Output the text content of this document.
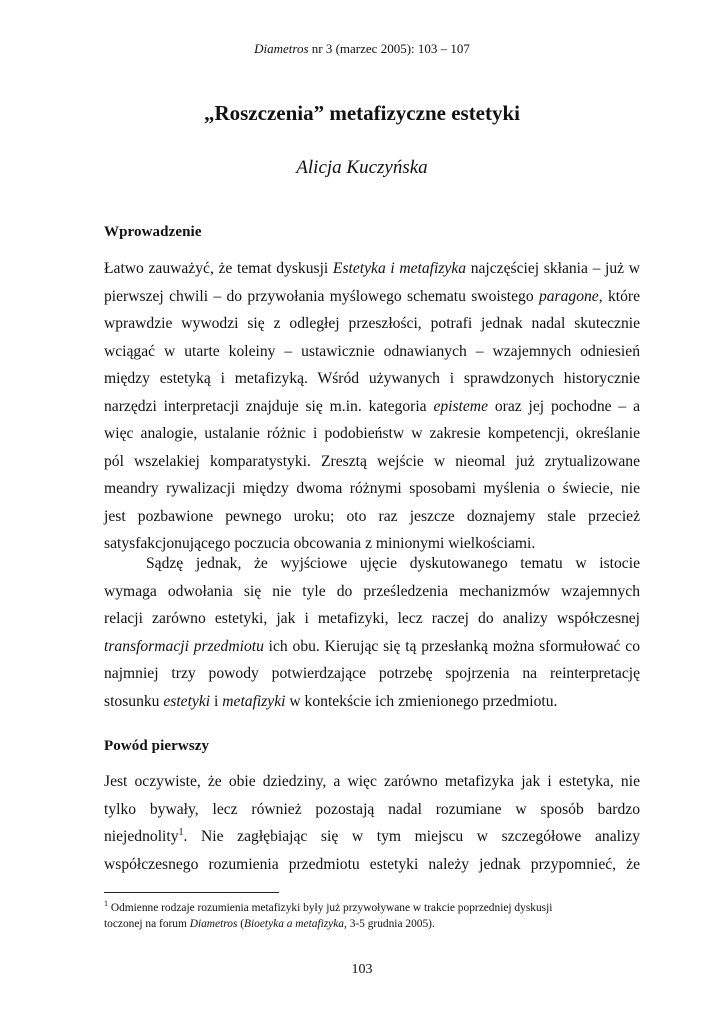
Diametros nr 3 (marzec 2005): 103 – 107
„Roszczenia” metafizyczne estetyki
Alicja Kuczyńska
Wprowadzenie
Łatwo zauważyć, że temat dyskusji Estetyka i metafizyka najczęściej skłania – już w
pierwszej chwili – do przywołania myślowego schematu swoistego paragone, które
wprawdzie wywodzi się z odległej przeszłości, potrafi jednak nadal skutecznie
wciągać w utarte koleiny – ustawicznie odnawianych – wzajemnych odniesień
między estetyką i metafizyką. Wśród używanych i sprawdzonych historycznie
narzędzi interpretacji znajduje się m.in. kategoria episteme oraz jej pochodne – a
więc analogie, ustalanie różnic i podobieństw w zakresie kompetencji, określanie
pól wszelakiej komparatystyki. Zresztą wejście w nieomal już zrytualizowane
meandry rywalizacji między dwoma różnymi sposobami myślenia o świecie, nie
jest pozbawione pewnego uroku; oto raz jeszcze doznajemy stale przecież
satysfakcjonującego poczucia obcowania z minionymi wielkościami.
Sądzę jednak, że wyjściowe ujęcie dyskutowanego tematu w istocie
wymaga odwołania się nie tyle do prześledzenia mechanizmów wzajemnych
relacji zarówno estetyki, jak i metafizyki, lecz raczej do analizy współczesnej
transformacji przedmiotu ich obu. Kierując się tą przesłanką można sformułować co
najmniej trzy powody potwierdzające potrzebę spojrzenia na reinterpretację
stosunku estetyki i metafizyki w kontekście ich zmienionego przedmiotu.
Powód pierwszy
Jest oczywiste, że obie dziedziny, a więc zarówno metafizyka jak i estetyka, nie
tylko bywały, lecz również pozostają nadal rozumiane w sposób bardzo
niejednolity$^1$. Nie zagłębiając się w tym miejscu w szczegółowe analizy
współczesnego rozumienia przedmiotu estetyki należy jednak przypomnieć, że
$^1$ Odmienne rodzaje rozumienia metafizyki były już przywoływane w trakcie poprzedniej dyskusji
toczonej na forum Diametros (Bioetyka a metafizyka, 3-5 grudnia 2005).
103
